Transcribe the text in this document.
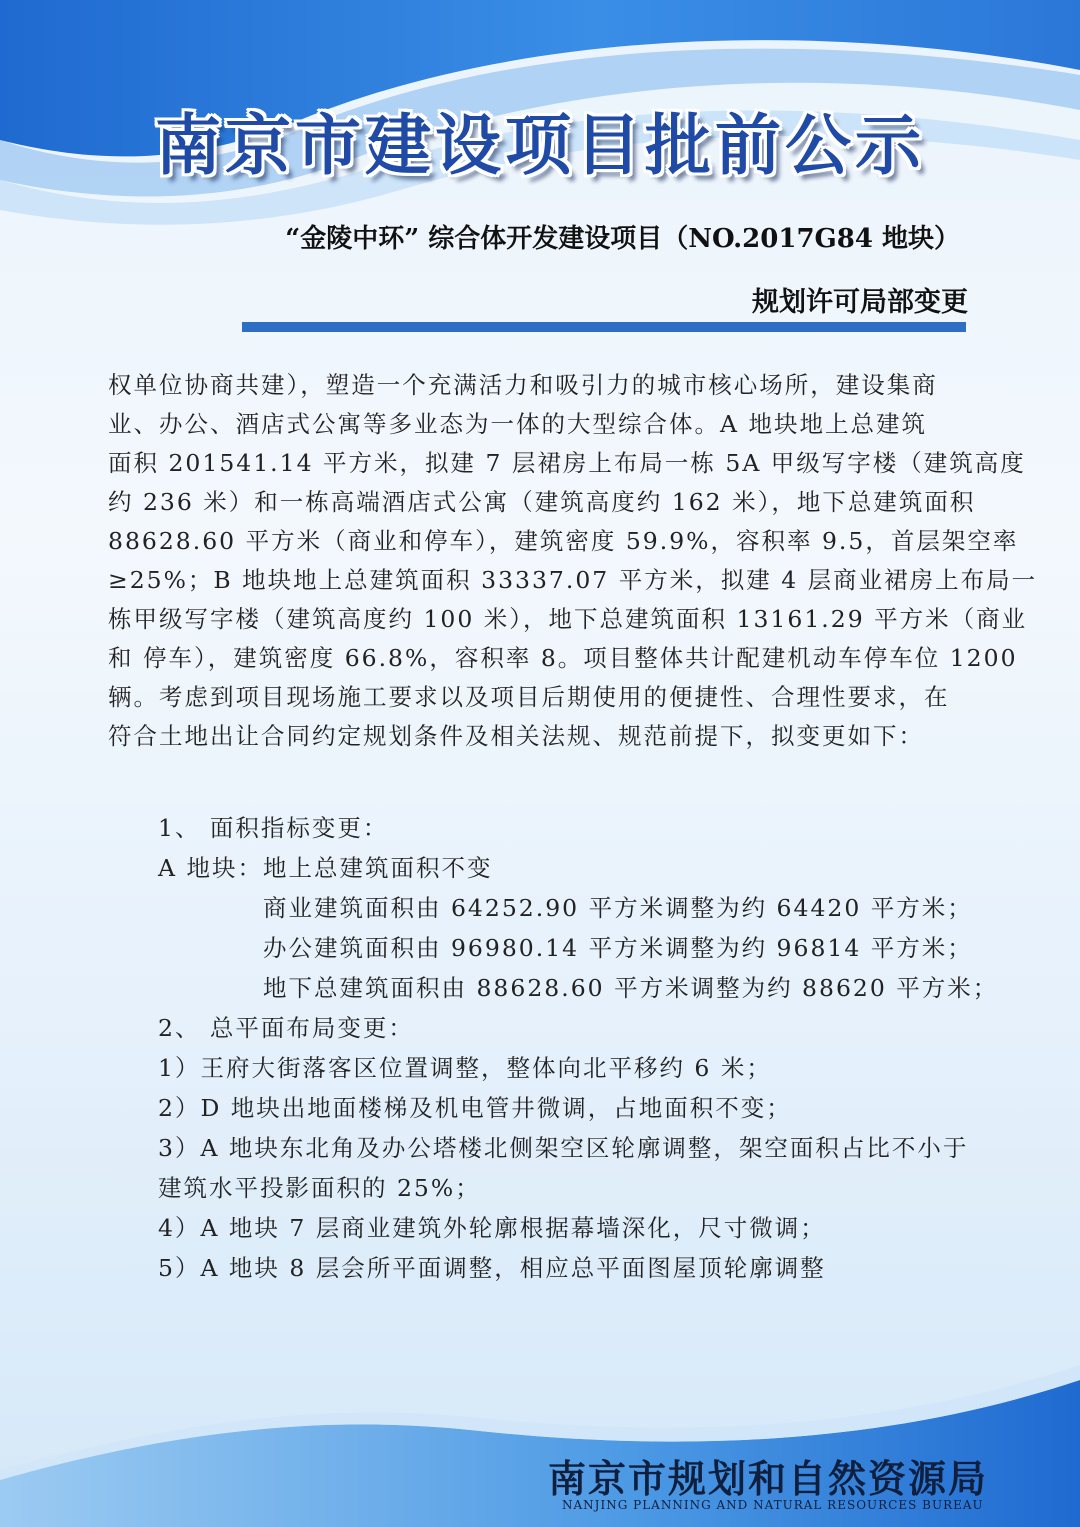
南京市建设项目批前公示
“金陵中环” 综合体开发建设项目（NO.2017G84 地块）
规划许可局部变更

权单位协商共建），塑造一个充满活力和吸引力的城市核心场所，建设集商

业、办公、酒店式公寓等多业态为一体的大型综合体。A 地块地上总建筑

面积 201541.14 平方米，拟建 7 层裙房上布局一栋 5A 甲级写字楼（建筑高度

约 236 米）和一栋高端酒店式公寓（建筑高度约 162 米），地下总建筑面积

88628.60 平方米（商业和停车），建筑密度 59.9%，容积率 9.5，首层架空率

≥25%；B 地块地上总建筑面积 33337.07 平方米，拟建 4 层商业裙房上布局一

栋甲级写字楼（建筑高度约 100 米），地下总建筑面积 13161.29 平方米（商业

和 停车），建筑密度 66.8%，容积率 8。项目整体共计配建机动车停车位 1200

辆。考虑到项目现场施工要求以及项目后期使用的便捷性、合理性要求，在

符合土地出让合同约定规划条件及相关法规、规范前提下，拟变更如下：

1、 面积指标变更：

A 地块：地上总建筑面积不变

商业建筑面积由 64252.90 平方米调整为约 64420 平方米；

办公建筑面积由 96980.14 平方米调整为约 96814 平方米；

地下总建筑面积由 88628.60 平方米调整为约 88620 平方米；

2、 总平面布局变更：

1）王府大街落客区位置调整，整体向北平移约 6 米；

2）D 地块出地面楼梯及机电管井微调，占地面积不变；

3）A 地块东北角及办公塔楼北侧架空区轮廓调整，架空面积占比不小于

建筑水平投影面积的 25%；

4）A 地块 7 层商业建筑外轮廓根据幕墙深化，尺寸微调；

5）A 地块 8 层会所平面调整，相应总平面图屋顶轮廓调整

南京市规划和自然资源局
NANJING PLANNING AND NATURAL RESOURCES BUREAU
